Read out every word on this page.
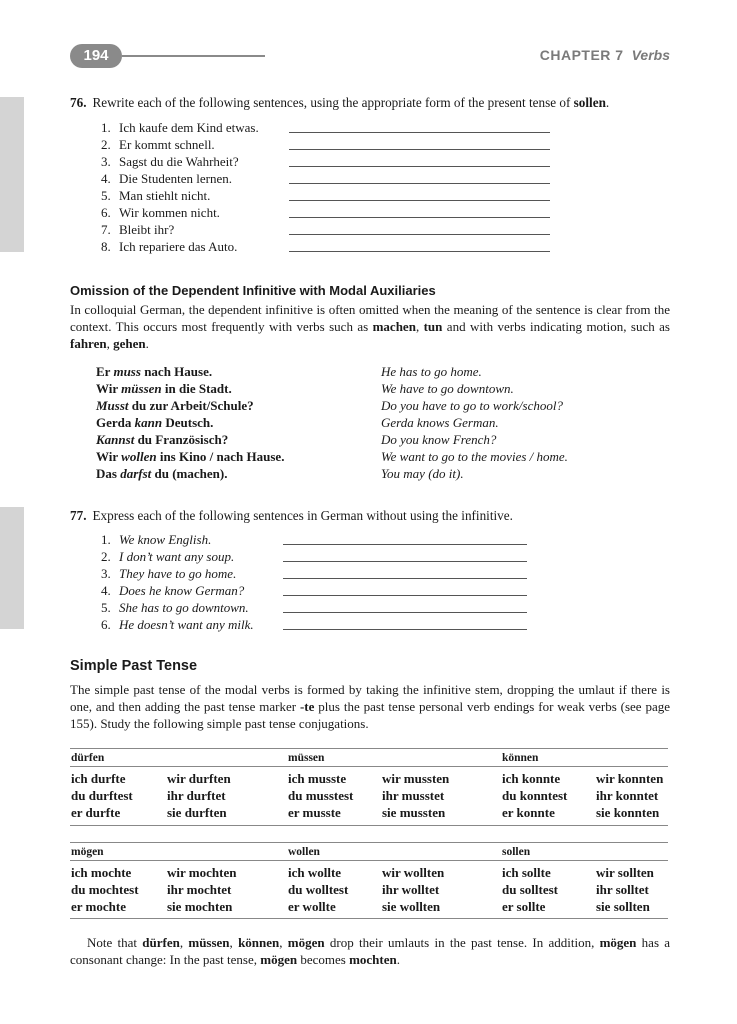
194	CHAPTER 7 Verbs
76. Rewrite each of the following sentences, using the appropriate form of the present tense of sollen.
1. Ich kaufe dem Kind etwas.
2. Er kommt schnell.
3. Sagst du die Wahrheit?
4. Die Studenten lernen.
5. Man stiehlt nicht.
6. Wir kommen nicht.
7. Bleibt ihr?
8. Ich repariere das Auto.
Omission of the Dependent Infinitive with Modal Auxiliaries

In colloquial German, the dependent infinitive is often omitted when the meaning of the sentence is clear from the context. This occurs most frequently with verbs such as machen, tun and with verbs indicating motion, such as fahren, gehen.

Er muss nach Hause.	He has to go home.
Wir müssen in die Stadt.	We have to go downtown.
Musst du zur Arbeit/Schule?	Do you have to go to work/school?
Gerda kann Deutsch.	Gerda knows German.
Kannst du Französisch?	Do you know French?
Wir wollen ins Kino / nach Hause.	We want to go to the movies / home.
Das darfst du (machen).	You may (do it).
77. Express each of the following sentences in German without using the infinitive.
1. We know English.
2. I don’t want any soup.
3. They have to go home.
4. Does he know German?
5. She has to go downtown.
6. He doesn’t want any milk.
Simple Past Tense

The simple past tense of the modal verbs is formed by taking the infinitive stem, dropping the umlaut if there is one, and then adding the past tense marker -te plus the past tense personal verb endings for weak verbs (see page 155). Study the following simple past tense conjugations.

dürfen	müssen	können
ich durfte	wir durften	ich musste	wir mussten	ich konnte	wir konnten
du durftest	ihr durftet	du musstest ihr musstet	du konntest ihr konntet
er durfte	sie durften	er musste	sie mussten	er konnte	sie konnten
mögen	wollen	sollen
ich mochte	wir mochten	ich wollte	wir wollten	ich sollte	wir sollten
du mochtest ihr mochtet	du wolltest	ihr wolltet	du solltest	ihr solltet
er mochte	sie mochten	er wollte	sie wollten	er sollte	sie sollten

Note that dürfen, müssen, können, mögen drop their umlauts in the past tense. In addition, mögen has a consonant change: In the past tense, mögen becomes mochten.
